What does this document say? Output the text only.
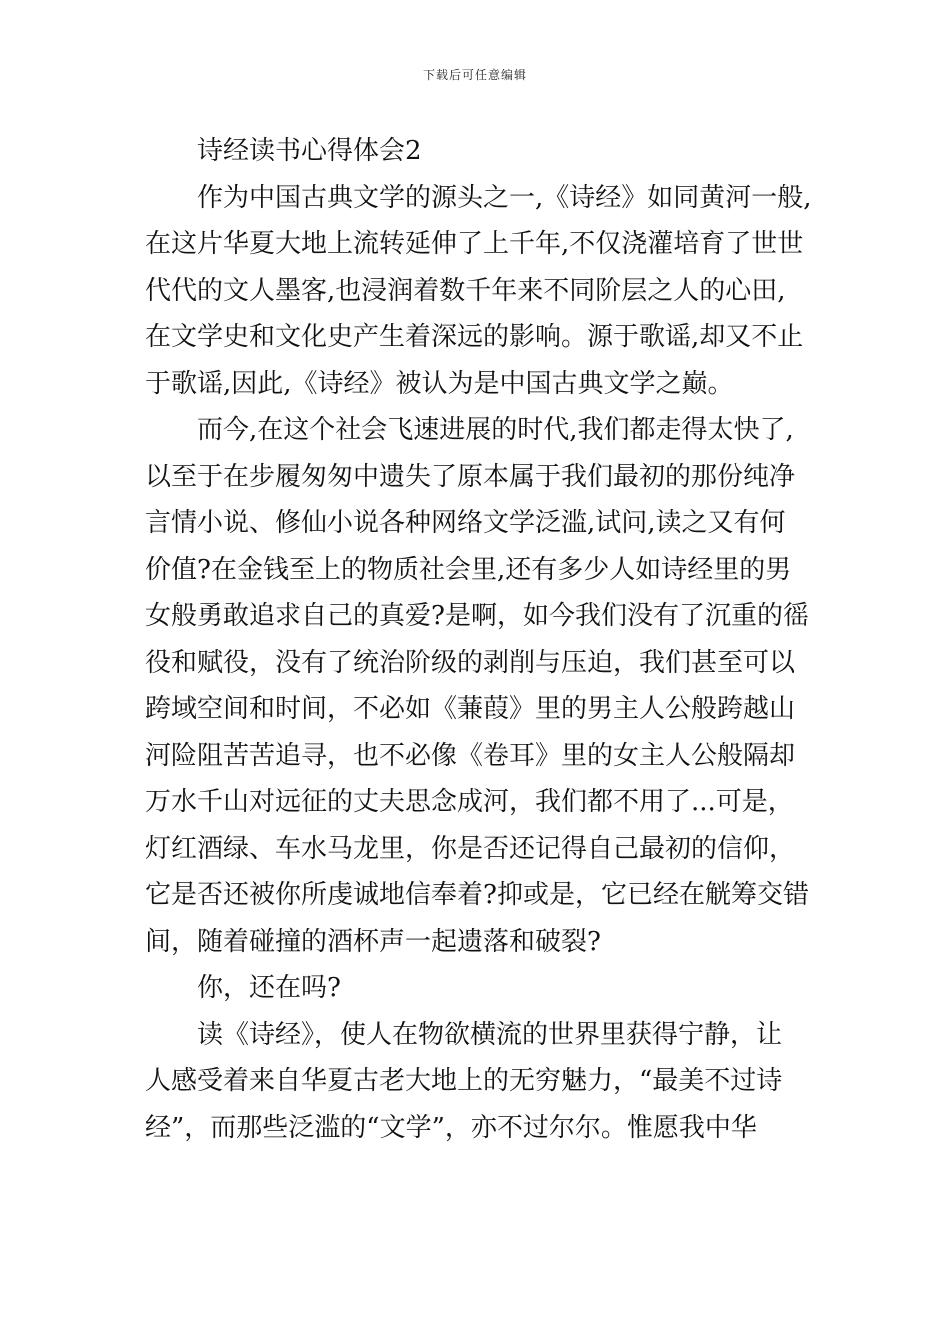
下载后可任意编辑
诗经读书心得体会2
作为中国古典文学的源头之一,《诗经》如同黄河一般,
在这片华夏大地上流转延伸了上千年,不仅浇灌培育了世世
代代的文人墨客,也浸润着数千年来不同阶层之人的心田,
在文学史和文化史产生着深远的影响。源于歌谣,却又不止
于歌谣,因此,《诗经》被认为是中国古典文学之巅。
而今,在这个社会飞速进展的时代,我们都走得太快了,
以至于在步履匆匆中遗失了原本属于我们最初的那份纯净
言情小说、修仙小说各种网络文学泛滥,试问,读之又有何
价值?在金钱至上的物质社会里,还有多少人如诗经里的男
女般勇敢追求自己的真爱?是啊，如今我们没有了沉重的徭
役和赋役，没有了统治阶级的剥削与压迫，我们甚至可以
跨域空间和时间，不必如《蒹葭》里的男主人公般跨越山
河险阻苦苦追寻，也不必像《卷耳》里的女主人公般隔却
万水千山对远征的丈夫思念成河，我们都不用了...可是，
灯红酒绿、车水马龙里，你是否还记得自己最初的信仰，
它是否还被你所虔诚地信奉着?抑或是，它已经在觥筹交错
间，随着碰撞的酒杯声一起遗落和破裂?
你，还在吗?
读《诗经》，使人在物欲横流的世界里获得宁静，让
人感受着来自华夏古老大地上的无穷魅力，“最美不过诗
经”，而那些泛滥的“文学”，亦不过尔尔。惟愿我中华
